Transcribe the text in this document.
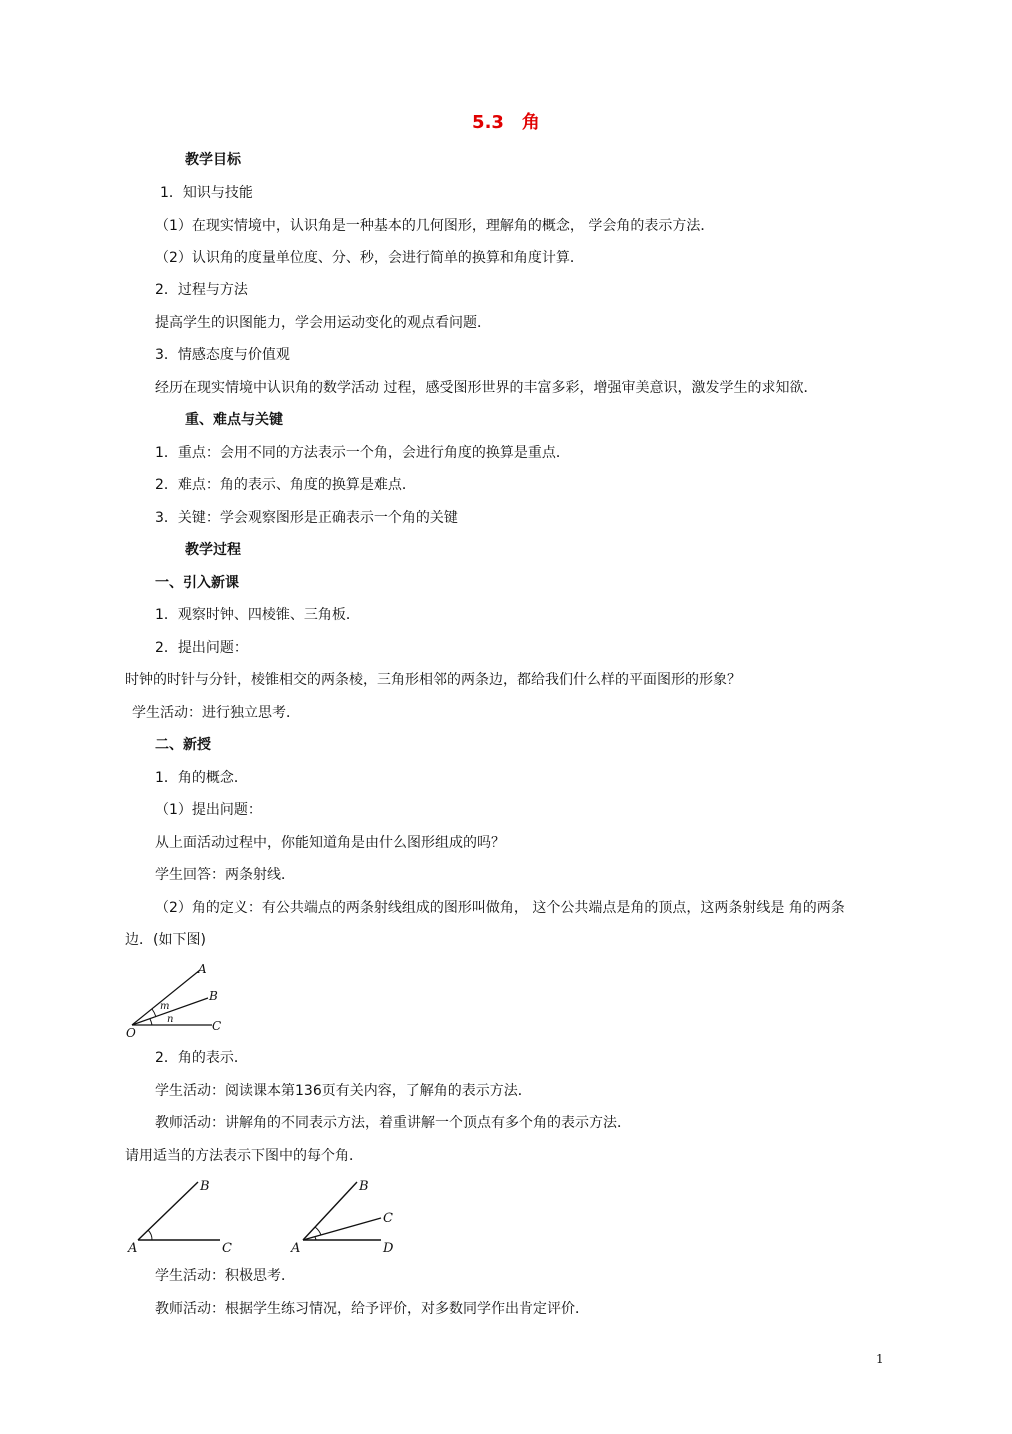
5.3　角
教学目标
1．知识与技能
（1）在现实情境中，认识角是一种基本的几何图形，理解角的概念， 学会角的表示方法．
（2）认识角的度量单位度、分、秒，会进行简单的换算和角度计算．
2．过程与方法
提高学生的识图能力，学会用运动变化的观点看问题．
3．情感态度与价值观
经历在现实情境中认识角的数学活动 过程，感受图形世界的丰富多彩，增强审美意识，激发学生的求知欲．
重、难点与关键
1．重点：会用不同的方法表示一个角，会进行角度的换算是重点．
2．难点：角的表示、角度的换算是难点．
3．关键：学会观察图形是正确表示一个角的关键
教学过程
一、引入新课
1．观察时钟、四棱锥、三角板．
2．提出问题：
时钟的时针与分针，棱锥相交的两条棱，三角形相邻的两条边，都给我们什么样的平面图形的形象？
学生活动：进行独立思考．
二、新授
1．角的概念．
（1）提出问题：
从上面活动过程中，你能知道角是由什么图形组成的吗？
学生回答：两条射线．
（2）角的定义：有公共端点的两条射线组成的图形叫做角， 这个公共端点是角的顶点，这两条射线是 角的两条
边．(如下图)
A
B
C
O
m
n
2．角的表示．
学生活动：阅读课本第136页有关内容，了解角的表示方法．
教师活动：讲解角的不同表示方法，着重讲解一个顶点有多个角的表示方法．
请用适当的方法表示下图中的每个角．
B
C
A
B
C
D
A
学生活动：积极思考．
教师活动：根据学生练习情况，给予评价，对多数同学作出肯定评价．
1
